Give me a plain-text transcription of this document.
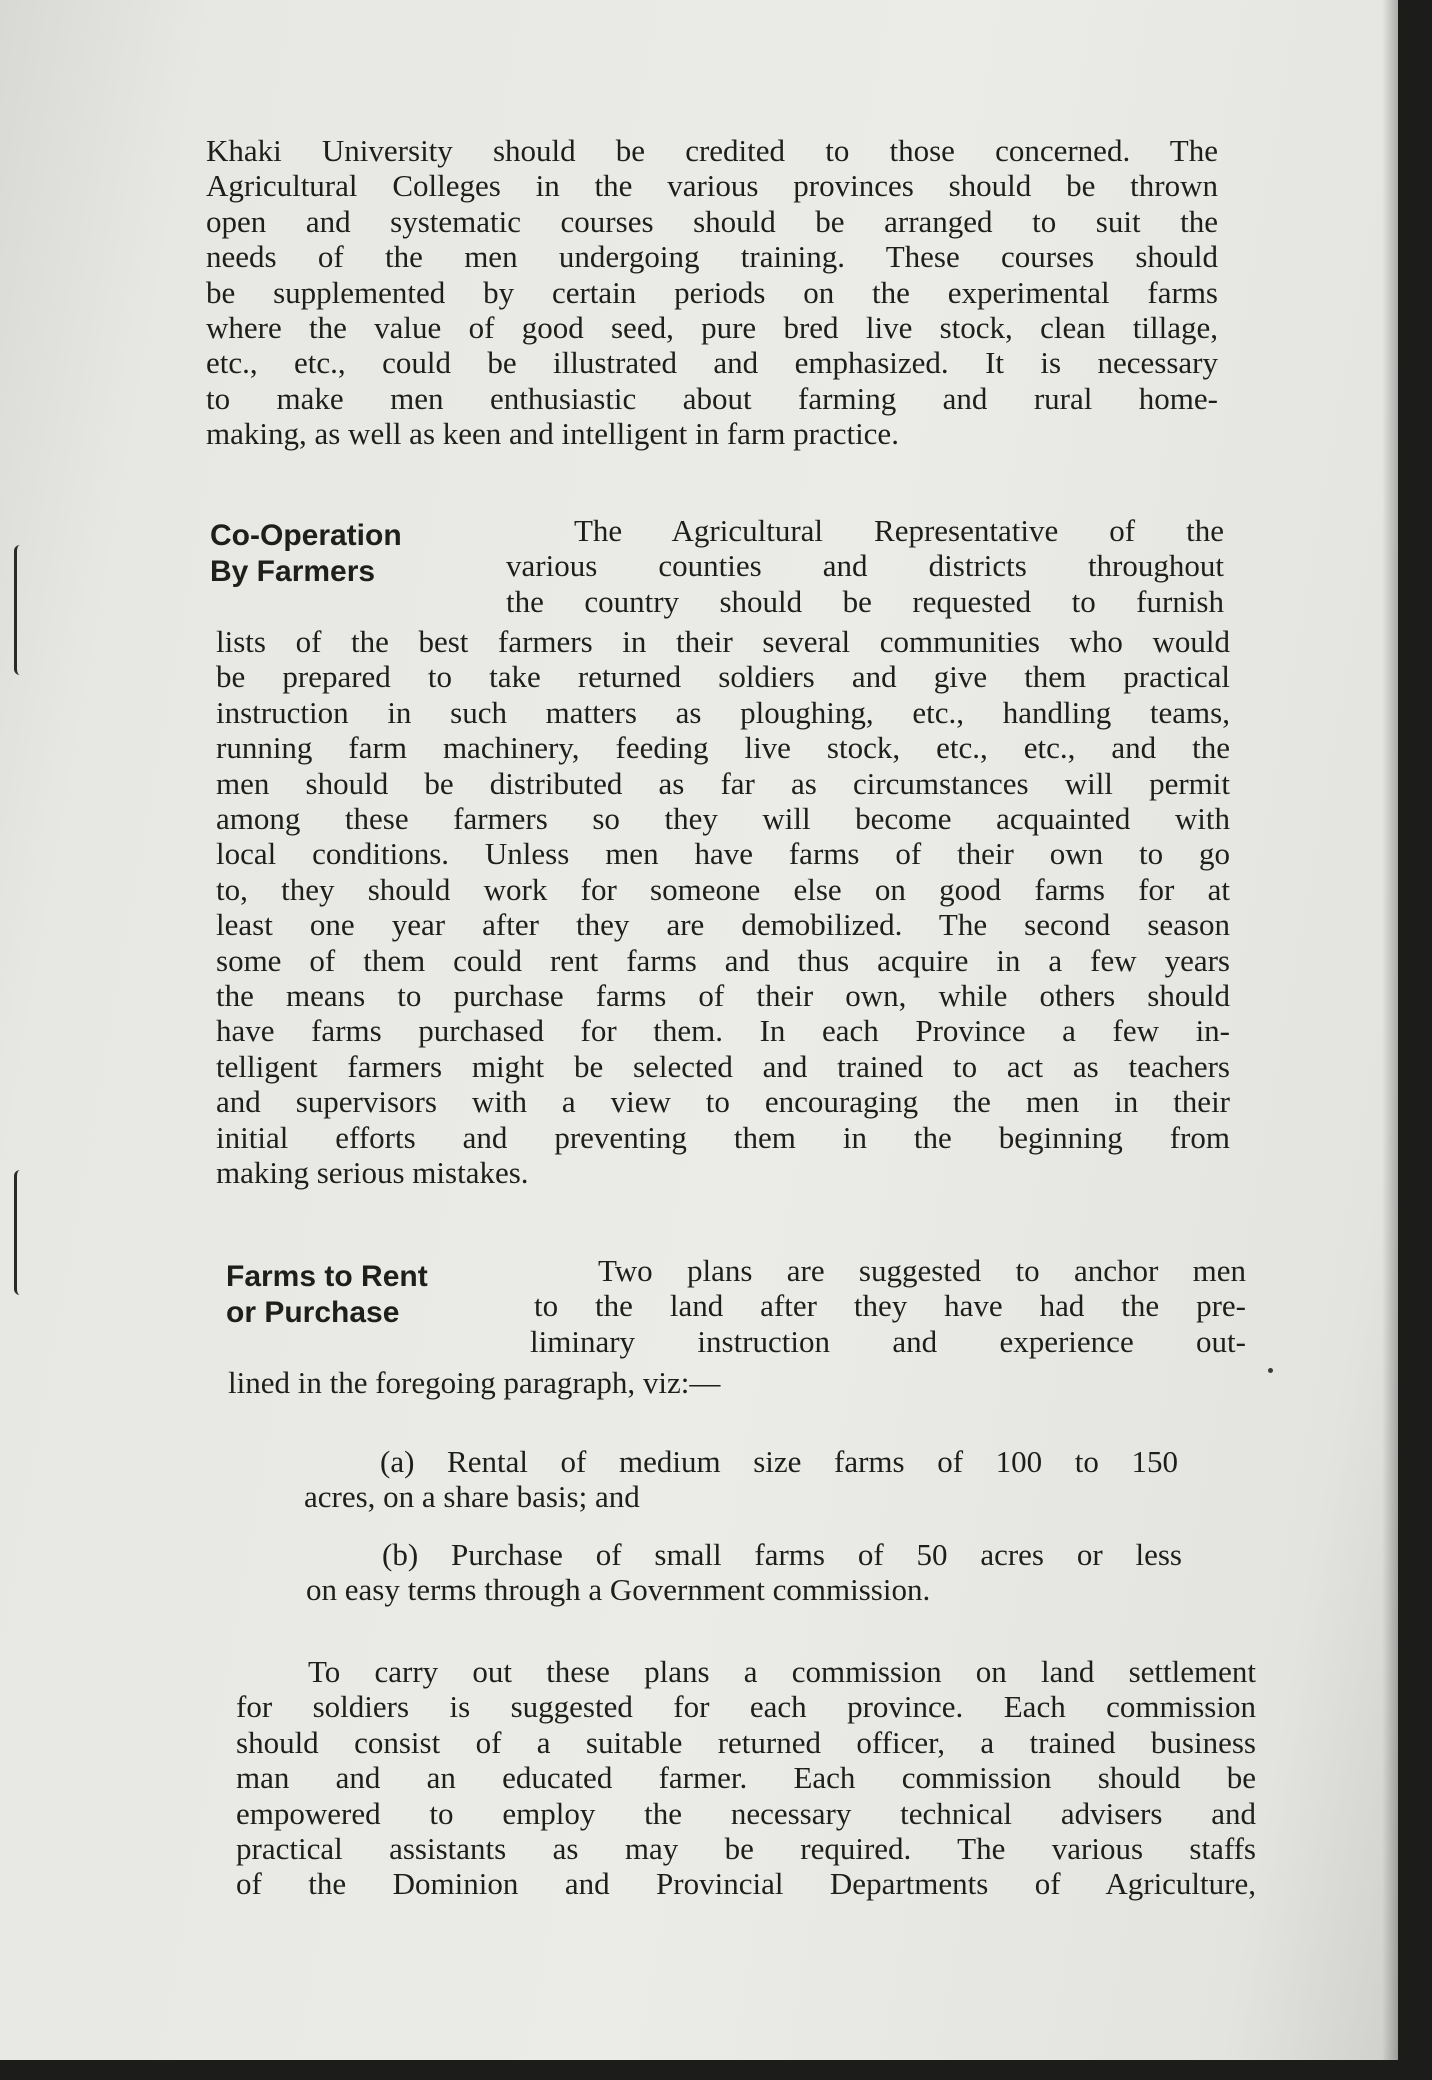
Khaki University should be credited to those concerned. The
Agricultural Colleges in the various provinces should be thrown
open and systematic courses should be arranged to suit the
needs of the men undergoing training. These courses should
be supplemented by certain periods on the experimental farms
where the value of good seed, pure bred live stock, clean tillage,
etc., etc., could be illustrated and emphasized. It is necessary
to make men enthusiastic about farming and rural home-
making, as well as keen and intelligent in farm practice.
Co-Operation
By Farmers
The Agricultural Representative of the
various counties and districts throughout
the country should be requested to furnish
lists of the best farmers in their several communities who would
be prepared to take returned soldiers and give them practical
instruction in such matters as ploughing, etc., handling teams,
running farm machinery, feeding live stock, etc., etc., and the
men should be distributed as far as circumstances will permit
among these farmers so they will become acquainted with
local conditions. Unless men have farms of their own to go
to, they should work for someone else on good farms for at
least one year after they are demobilized. The second season
some of them could rent farms and thus acquire in a few years
the means to purchase farms of their own, while others should
have farms purchased for them. In each Province a few in-
telligent farmers might be selected and trained to act as teachers
and supervisors with a view to encouraging the men in their
initial efforts and preventing them in the beginning from
making serious mistakes.
Farms to Rent
or Purchase
Two plans are suggested to anchor men
to the land after they have had the pre-
liminary instruction and experience out-
lined in the foregoing paragraph, viz:—
(a) Rental of medium size farms of 100 to 150
acres, on a share basis; and
(b) Purchase of small farms of 50 acres or less
on easy terms through a Government commission.
To carry out these plans a commission on land settlement
for soldiers is suggested for each province. Each commission
should consist of a suitable returned officer, a trained business
man and an educated farmer. Each commission should be
empowered to employ the necessary technical advisers and
practical assistants as may be required. The various staffs
of the Dominion and Provincial Departments of Agriculture,
